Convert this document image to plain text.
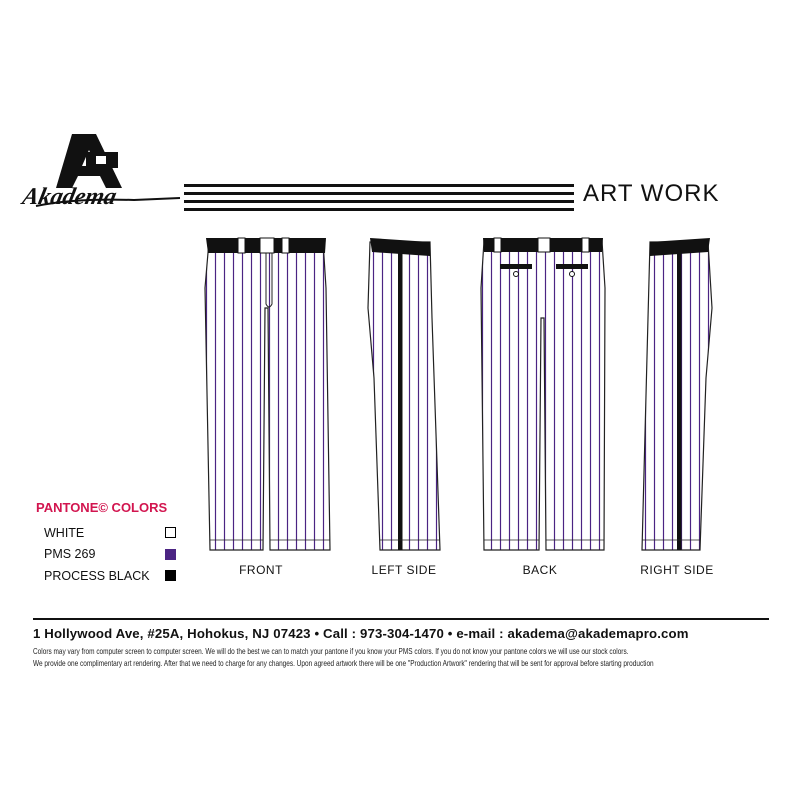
Akadema	ART WORK
FRONT	LEFT SIDE	BACK	RIGHT SIDE
PANTONE© COLORS
WHITE
PMS 269
PROCESS BLACK
1 Hollywood Ave, #25A, Hohokus, NJ 07423 • Call : 973-304-1470 • e-mail : akadema@akademapro.com
Colors may vary from computer screen to computer screen. We will do the best we can to match your pantone if you know your PMS colors. If you do not know your pantone colors we will use our stock colors.
We provide one complimentary art rendering. After that we need to charge for any changes. Upon agreed artwork there will be one "Production Artwork" rendering that will be sent for approval before starting production
